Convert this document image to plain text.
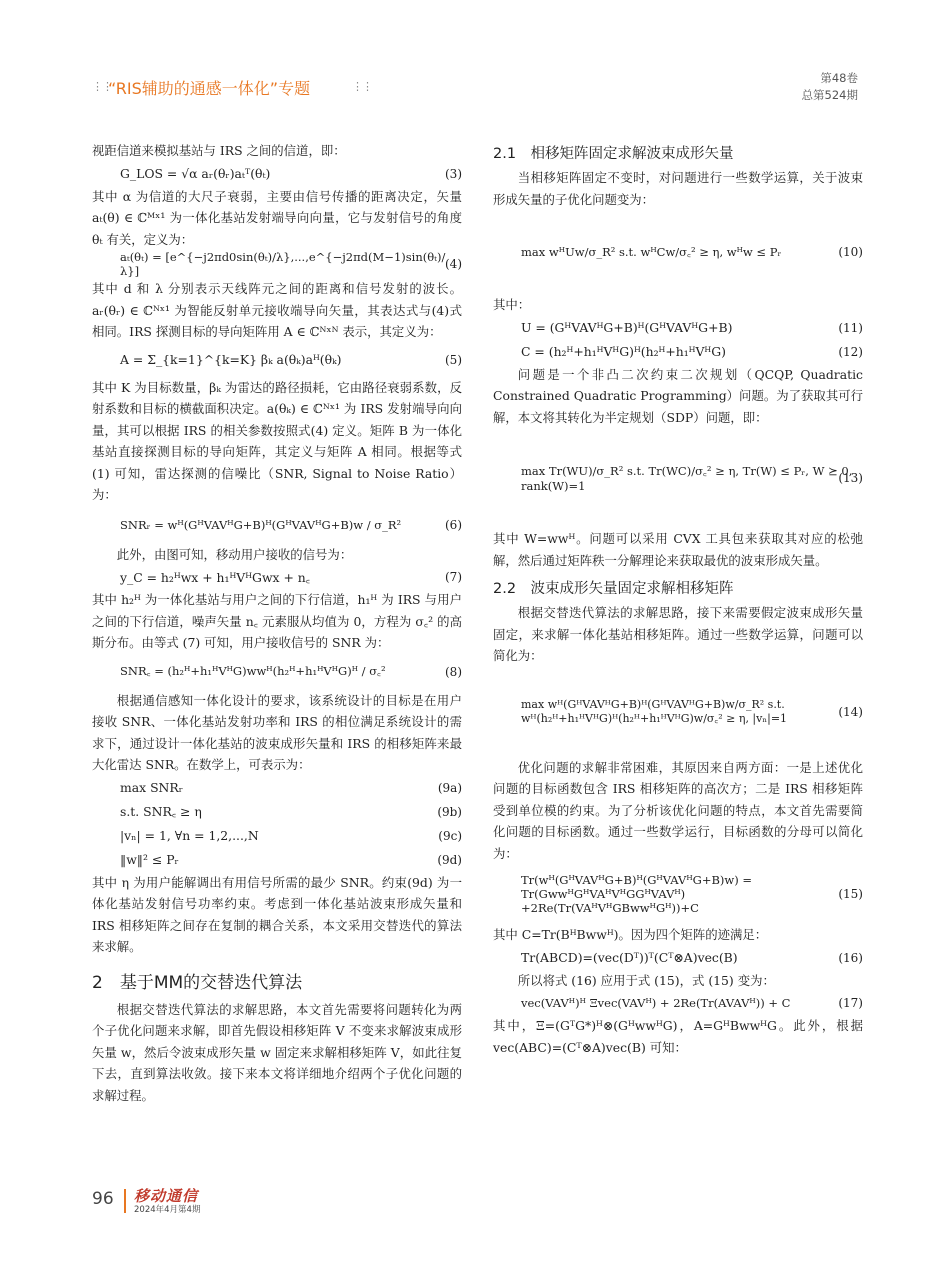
⋮⋮
“RIS辅助的通感一体化”专题	⋮⋮
第48卷
总第524期

视距信道来模拟基站与 IRS 之间的信道，即：

G_LOS = √α aᵣ(θᵣ)aₜᵀ(θₜ)	(3)

其中 α 为信道的大尺子衰弱，主要由信号传播的距离决定，矢量 aₜ(θ) ∈ ℂᴹˣ¹ 为一体化基站发射端导向向量，它与发射信号的角度 θₜ 有关，定义为：

aₜ(θₜ) = [e^{−j2πd0sin(θₜ)/λ},...,e^{−j2πd(M−1)sin(θₜ)/λ}]	(4)

其中 d 和 λ 分别表示天线阵元之间的距离和信号发射的波长。aᵣ(θᵣ) ∈ ℂᴺˣ¹ 为智能反射单元接收端导向矢量，其表达式与(4)式相同。IRS 探测目标的导向矩阵用 A ∈ ℂᴺˣᴺ 表示，其定义为：

A = Σ_{k=1}^{k=K} βₖ a(θₖ)aᴴ(θₖ)	(5)

其中 K 为目标数量，βₖ 为雷达的路径损耗，它由路径衰弱系数，反射系数和目标的横截面积决定。a(θₖ) ∈ ℂᴺˣ¹ 为 IRS 发射端导向向量，其可以根据 IRS 的相关参数按照式(4) 定义。矩阵 B 为一体化基站直接探测目标的导向矩阵，其定义与矩阵 A 相同。根据等式 (1) 可知，雷达探测的信噪比（SNR, Signal to Noise Ratio）为：

SNRᵣ = wᴴ(GᴴVAVᴴG+B)ᴴ(GᴴVAVᴴG+B)w / σ_R²	(6)

此外，由图可知，移动用户接收的信号为：

y_C = h₂ᴴwx + h₁ᴴVᴴGwx + n꜀	(7)

其中 h₂ᴴ 为一体化基站与用户之间的下行信道，h₁ᴴ 为 IRS 与用户之间的下行信道，噪声矢量 n꜀ 元素服从均值为 0，方程为 σ꜀² 的高斯分布。由等式 (7) 可知，用户接收信号的 SNR 为：

SNR꜀ = (h₂ᴴ+h₁ᴴVᴴG)wwᴴ(h₂ᴴ+h₁ᴴVᴴG)ᴴ / σ꜀²	(8)

根据通信感知一体化设计的要求，该系统设计的目标是在用户接收 SNR、一体化基站发射功率和 IRS 的相位满足系统设计的需求下，通过设计一体化基站的波束成形矢量和 IRS 的相移矩阵来最大化雷达 SNR。在数学上，可表示为：

max SNRᵣ	(9a)
s.t. SNR꜀ ≥ η	(9b)
|vₙ| = 1, ∀n = 1,2,...,N	(9c)
‖w‖² ≤ Pᵣ	(9d)

其中 η 为用户能解调出有用信号所需的最少 SNR。约束(9d) 为一体化基站发射信号功率约束。考虑到一体化基站波束形成矢量和 IRS 相移矩阵之间存在复制的耦合关系，本文采用交替迭代的算法来求解。

2　基于MM的交替迭代算法

根据交替迭代算法的求解思路，本文首先需要将问题转化为两个子优化问题来求解，即首先假设相移矩阵 V 不变来求解波束成形矢量 w，然后令波束成形矢量 w 固定来求解相移矩阵 V，如此往复下去，直到算法收敛。接下来本文将详细地介绍两个子优化问题的求解过程。

2.1　相移矩阵固定求解波束成形矢量

当相移矩阵固定不变时，对问题进行一些数学运算，关于波束形成矢量的子优化问题变为：

max wᴴUw/σ_R² s.t. wᴴCw/σ꜀² ≥ η, wᴴw ≤ Pᵣ	(10)

其中：

U = (GᴴVAVᴴG+B)ᴴ(GᴴVAVᴴG+B)	(11)
C = (h₂ᴴ+h₁ᴴVᴴG)ᴴ(h₂ᴴ+h₁ᴴVᴴG)	(12)

问题是一个非凸二次约束二次规划（QCQP, Quadratic Constrained Quadratic Programming）问题。为了获取其可行解，本文将其转化为半定规划（SDP）问题，即：

max Tr(WU)/σ_R² s.t. Tr(WC)/σ꜀² ≥ η, Tr(W) ≤ Pᵣ, W ⪰ 0, rank(W)=1
(13)

其中 W=wwᴴ。问题可以采用 CVX 工具包来获取其对应的松弛解，然后通过矩阵秩一分解理论来获取最优的波束形成矢量。

2.2　波束成形矢量固定求解相移矩阵

根据交替迭代算法的求解思路，接下来需要假定波束成形矢量固定，来求解一体化基站相移矩阵。通过一些数学运算，问题可以简化为：

max wᴴ(GᴴVAVᴴG+B)ᴴ(GᴴVAVᴴG+B)w/σ_R² s.t. wᴴ(h₂ᴴ+h₁ᴴVᴴG)ᴴ(h₂ᴴ+h₁ᴴVᴴG)w/σ꜀² ≥ η, |vₙ|=1	(14)

优化问题的求解非常困难，其原因来自两方面：一是上述优化问题的目标函数包含 IRS 相移矩阵的高次方；二是 IRS 相移矩阵受到单位模的约束。为了分析该优化问题的特点，本文首先需要简化问题的目标函数。通过一些数学运行，目标函数的分母可以简化为：

Tr(wᴴ(GᴴVAVᴴG+B)ᴴ(GᴴVAVᴴG+B)w) = Tr(GwwᴴGᴴVAᴴVᴴGGᴴVAVᴴ) +2Re(Tr(VAᴴVᴴGBwwᴴGᴴ))+C
(15)

其中 C=Tr(BᴴBwwᴴ)。因为四个矩阵的迹满足：

Tr(ABCD)=(vec(Dᵀ))ᵀ(Cᵀ⊗A)vec(B)	(16)

所以将式 (16) 应用于式 (15)，式 (15) 变为：

vec(VAVᴴ)ᴴ Ξvec(VAVᴴ) + 2Re(Tr(AVAVᴴ)) + C	(17)

其中，Ξ=(GᵀG*)ᴴ⊗(GᴴwwᴴG)，A=GᴴBwwᴴG。此外，根据 vec(ABC)=(Cᵀ⊗A)vec(B) 可知：

96 移动通信
2024年4月第4期
